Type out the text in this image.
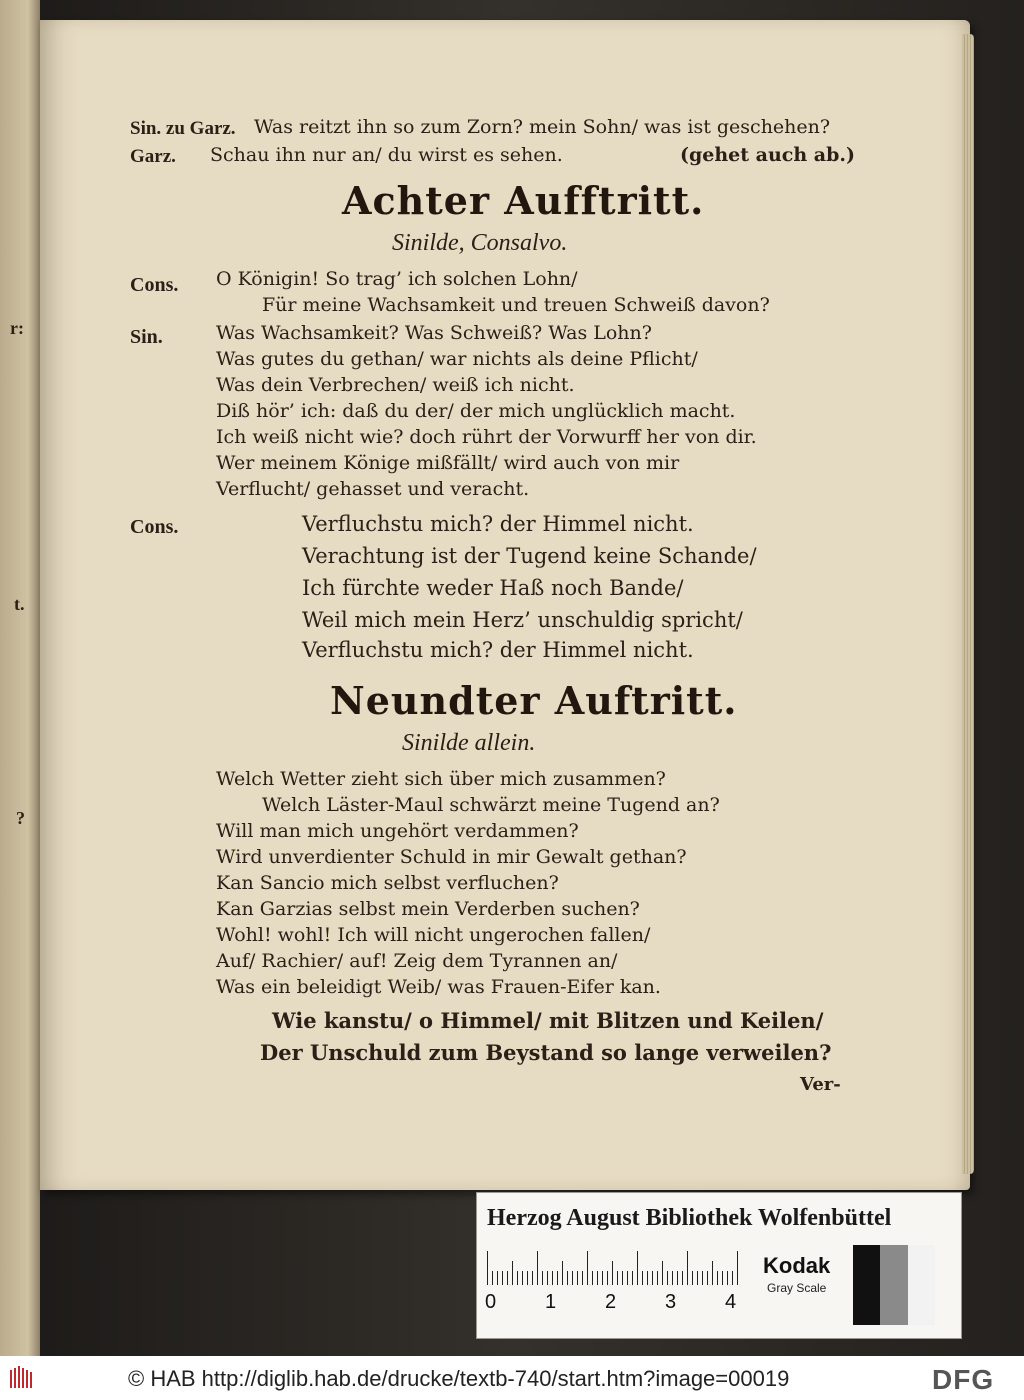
r:
t.
?
Sin. zu Garz. Was reitzt ihn so zum Zorn? mein Sohn/ was ist geschehen?
Garz. Schau ihn nur an/ du wirst es sehen.	(gehet auch ab.)
Achter Aufftritt.
Sinilde, Consalvo.
Cons. O Königin! So trag’ ich solchen Lohn/
Für meine Wachsamkeit und treuen Schweiß davon?
Sin.	Was Wachsamkeit? Was Schweiß? Was Lohn?
Was gutes du gethan/ war nichts als deine Pflicht/
Was dein Verbrechen/ weiß ich nicht.
Diß hör’ ich: daß du der/ der mich unglücklich macht.
Ich weiß nicht wie? doch rührt der Vorwurff her von dir.
Wer meinem Könige mißfällt/ wird auch von mir
Verflucht/ gehasset und veracht.
Cons.	Verfluchstu mich? der Himmel nicht.
Verachtung ist der Tugend keine Schande/
Ich fürchte weder Haß noch Bande/
Weil mich mein Herz’ unschuldig spricht/
Verfluchstu mich? der Himmel nicht.
Neundter Auftritt.
Sinilde allein.
Welch Wetter zieht sich über mich zusammen?
Welch Läster-Maul schwärzt meine Tugend an?
Will man mich ungehört verdammen?
Wird unverdienter Schuld in mir Gewalt gethan?
Kan Sancio mich selbst verfluchen?
Kan Garzias selbst mein Verderben suchen?
Wohl! wohl! Ich will nicht ungerochen fallen/
Auf/ Rachier/ auf! Zeig dem Tyrannen an/
Was ein beleidigt Weib/ was Frauen-Eifer kan.
Wie kanstu/ o Himmel/ mit Blitzen und Keilen/
Der Unschuld zum Beystand so lange verweilen?
Ver-
Herzog August Bibliothek Wolfenbüttel
0 1 2 3 4
Kodak
Gray Scale
© HAB http://diglib.hab.de/drucke/textb-740/start.htm?image=00019	DFG
